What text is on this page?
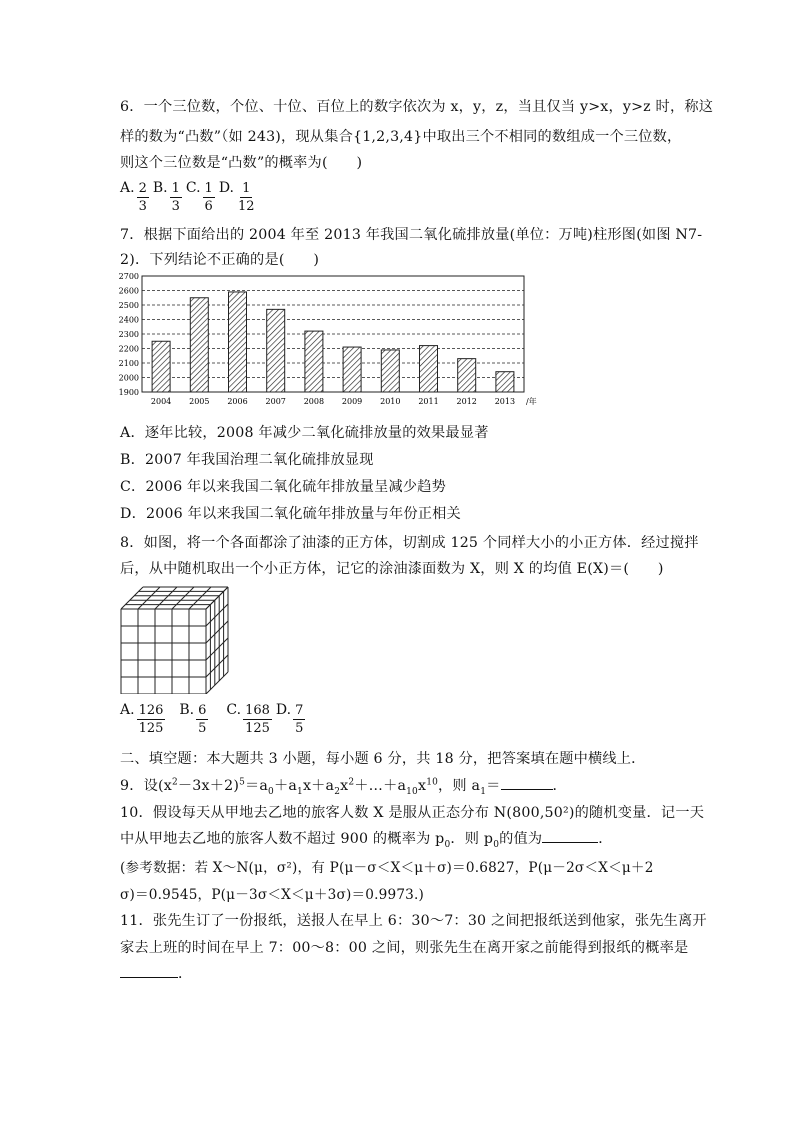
6．一个三位数，个位、十位、百位上的数字依次为 x，y，z，当且仅当 y>x，y>z 时，称这
样的数为“凸数”（如 243)，现从集合{1,2,3,4}中取出三个不相同的数组成一个三位数，
则这个三位数是“凸数”的概率为(　　)
A. $\frac{2}{3} B$. $\frac{1}{3} C$. $\frac{1}{6} D$. $\frac{1}{12}$
7．根据下面给出的 2004 年至 2013 年我国二氧化硫排放量(单位：万吨)柱形图(如图 N7-
2)．下列结论不正确的是(　　)
2700
2600
2500
2400
2300
2200
2100
2000
1900
2004 2005 2006 2007 2008 2009 2010 2011 2012 2013 /年
A．逐年比较，2008 年减少二氧化硫排放量的效果最显著
B．2007 年我国治理二氧化硫排放显现
C．2006 年以来我国二氧化硫年排放量呈减少趋势
D．2006 年以来我国二氧化硫年排放量与年份正相关
8．如图，将一个各面都涂了油漆的正方体，切割成 125 个同样大小的小正方体．经过搅拌
后，从中随机取出一个小正方体，记它的涂油漆面数为 X，则 X 的均值 E(X)＝(　　)
A. $\frac{126}{125} B$. $\frac{6}{5} C$. $\frac{168}{125} D$. $\frac{7}{5}$
二、填空题：本大题共 3 小题，每小题 6 分，共 18 分，把答案填在题中横线上．
9．设$(x^2-3x+2)^5=a_0+a_1x+a_2x^2+\dots+a_{10}x^{10}$，则 $a_1=$	．
10．假设每天从甲地去乙地的旅客人数 X 是服从正态分布 N(800,50²)的随机变量．记一天
中从甲地去乙地的旅客人数不超过 900 的概率为 $p_0$．则 $p_0$的值为	．
(参考数据：若 X～N(μ，σ²)，有 P(μ－σ＜X＜μ＋σ)＝0.6827，P(μ－2σ＜X＜μ＋2
σ)＝0.9545，P(μ－3σ＜X＜μ＋3σ)＝0.9973.)
11．张先生订了一份报纸，送报人在早上 6：30～7：30 之间把报纸送到他家，张先生离开
家去上班的时间在早上 7：00～8：00 之间，则张先生在离开家之前能得到报纸的概率是
．
